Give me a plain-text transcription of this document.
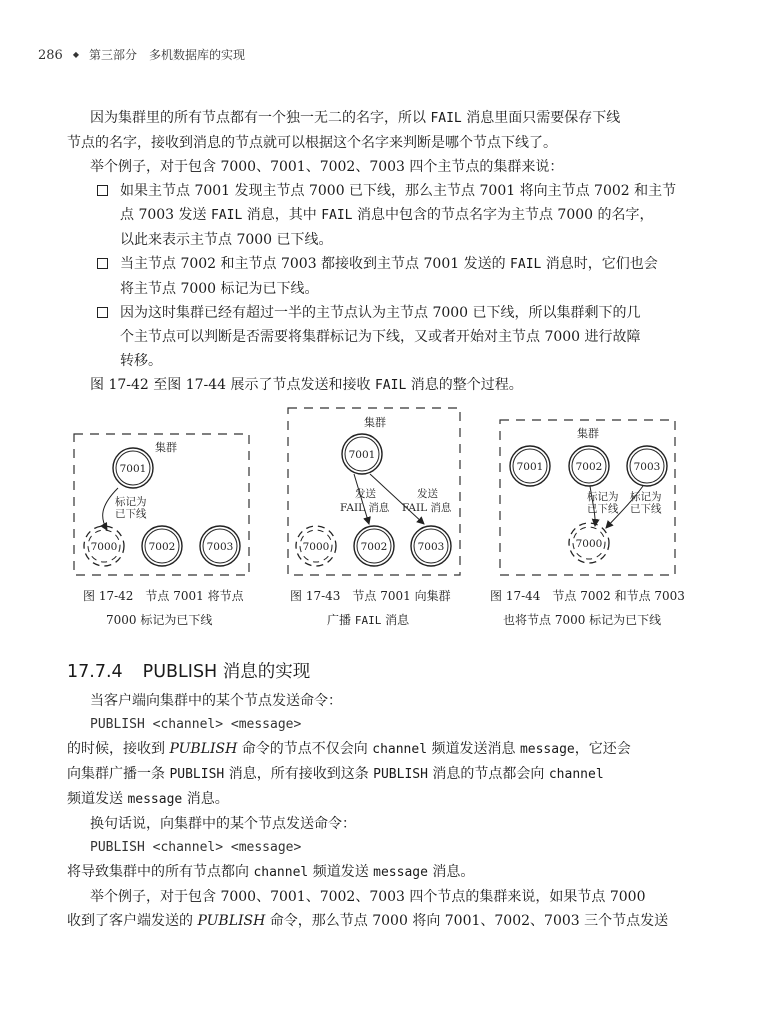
286 ◆ 第三部分　多机数据库的实现
因为集群里的所有节点都有一个独一无二的名字，所以 FAIL 消息里面只需要保存下线
节点的名字，接收到消息的节点就可以根据这个名字来判断是哪个节点下线了。
举个例子，对于包含 7000、7001、7002、7003 四个主节点的集群来说：
如果主节点 7001 发现主节点 7000 已下线，那么主节点 7001 将向主节点 7002 和主节
点 7003 发送 FAIL 消息，其中 FAIL 消息中包含的节点名字为主节点 7000 的名字，
以此来表示主节点 7000 已下线。
当主节点 7002 和主节点 7003 都接收到主节点 7001 发送的 FAIL 消息时，它们也会
将主节点 7000 标记为已下线。
因为这时集群已经有超过一半的主节点认为主节点 7000 已下线，所以集群剩下的几
个主节点可以判断是否需要将集群标记为下线，又或者开始对主节点 7000 进行故障
转移。
图 17-42 至图 17-44 展示了节点发送和接收 FAIL 消息的整个过程。
集群
7001
标记为
已下线
7000	7002	7003
集群
7001
发送
FAIL 消息
发送
FAIL 消息
7000	7002	7003
集群
7001	7002	7003
标记为
已下线
标记为
已下线
7000
图 17-42　节点 7001 将节点
7000 标记为已下线
图 17-43　节点 7001 向集群
广播 FAIL 消息
图 17-44　节点 7002 和节点 7003
也将节点 7000 标记为已下线
17.7.4 PUBLISH 消息的实现
当客户端向集群中的某个节点发送命令：
PUBLISH <channel> <message>
的时候，接收到 PUBLISH 命令的节点不仅会向 channel 频道发送消息 message，它还会
向集群广播一条 PUBLISH 消息，所有接收到这条 PUBLISH 消息的节点都会向 channel
频道发送 message 消息。
换句话说，向集群中的某个节点发送命令：
PUBLISH <channel> <message>
将导致集群中的所有节点都向 channel 频道发送 message 消息。
举个例子，对于包含 7000、7001、7002、7003 四个节点的集群来说，如果节点 7000
收到了客户端发送的 PUBLISH 命令，那么节点 7000 将向 7001、7002、7003 三个节点发送
